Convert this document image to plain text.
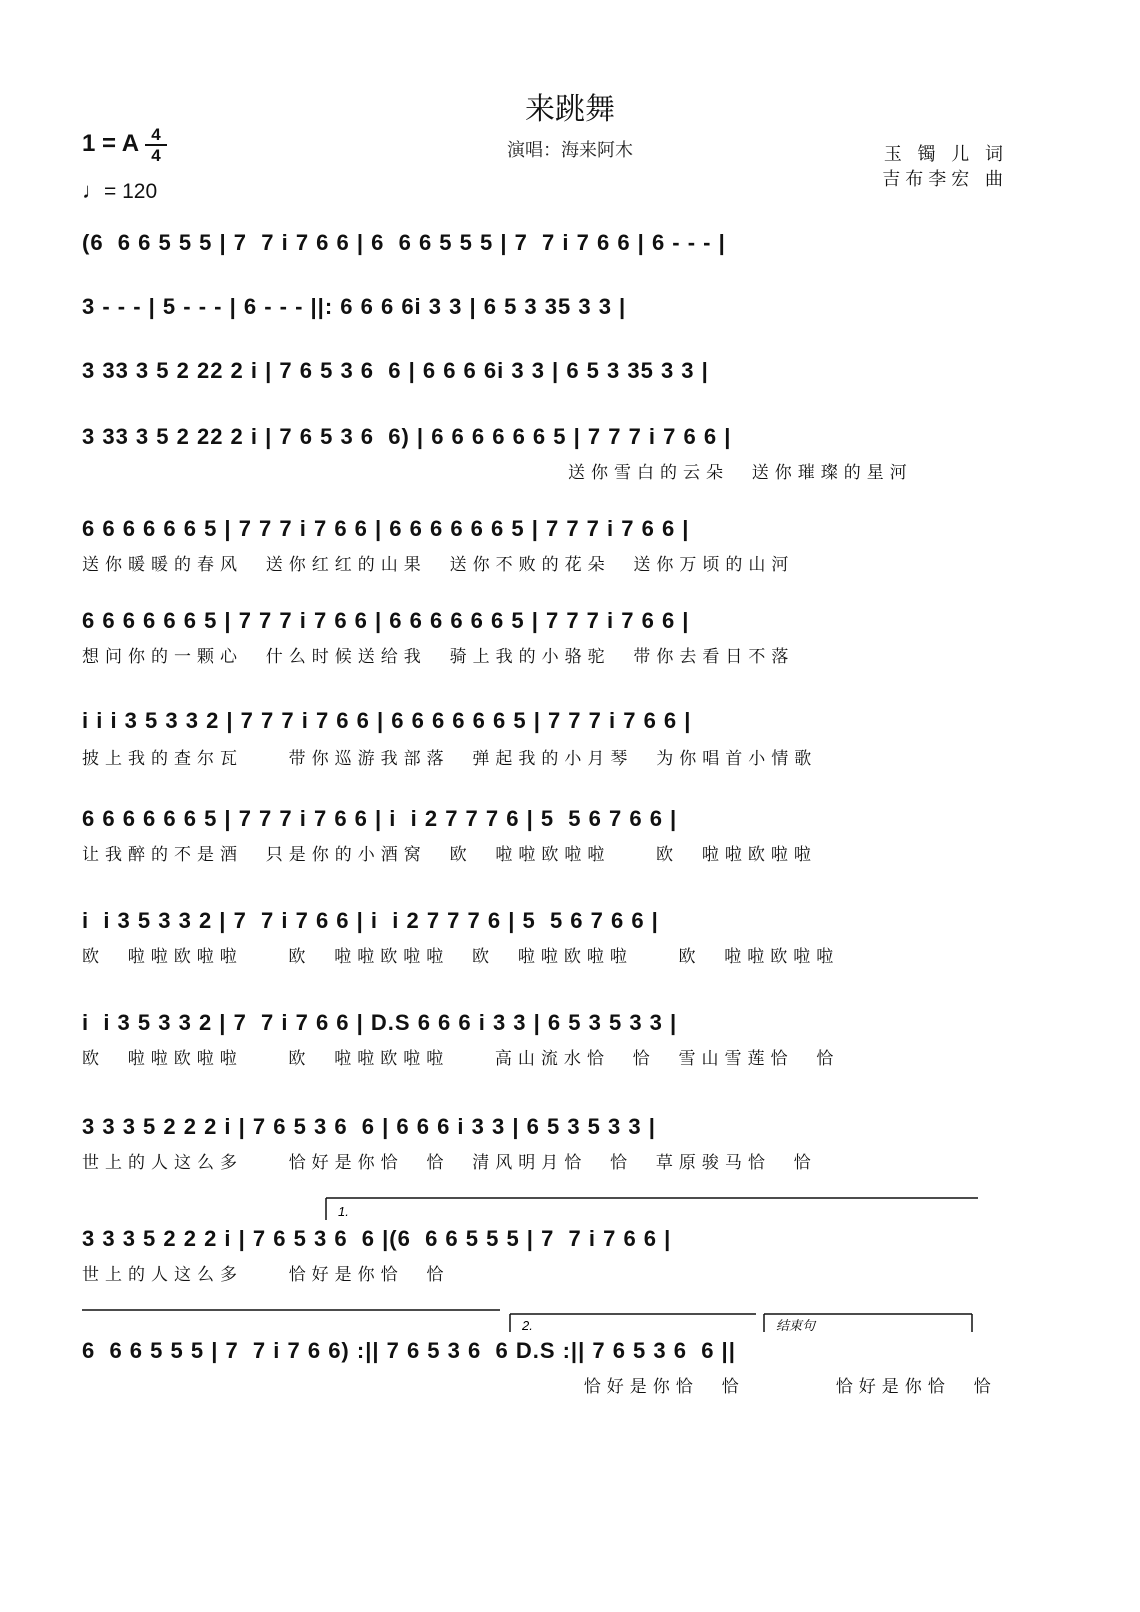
来跳舞
1 = A 4
4	演唱：海来阿木	玉 镯 儿 词
吉布李宏 曲
♩= 120
(6  6 6 5 5 5 | 7  7 i 7 6 6 | 6  6 6 5 5 5 | 7  7 i 7 6 6 | 6 - - - |
3 - - - | 5 - - - | 6 - - - ||: 6 6 6 6i 3 3 | 6 5 3 35 3 3 |
3 33 3 5 2 22 2 i | 7 6 5 3 6  6 | 6 6 6 6i 3 3 | 6 5 3 35 3 3 |
3 33 3 5 2 22 2 i | 7 6 5 3 6  6) | 6 6 6 6 6 6 5 | 7 7 7 i 7 6 6 |
送你雪白的云朵  送你璀璨的星河
6 6 6 6 6 6 5 | 7 7 7 i 7 6 6 | 6 6 6 6 6 6 5 | 7 7 7 i 7 6 6 |
送你暖暖的春风  送你红红的山果  送你不败的花朵  送你万顷的山河
6 6 6 6 6 6 5 | 7 7 7 i 7 6 6 | 6 6 6 6 6 6 5 | 7 7 7 i 7 6 6 |
想问你的一颗心  什么时候送给我  骑上我的小骆驼  带你去看日不落
i i i 3 5 3 3 2 | 7 7 7 i 7 6 6 | 6 6 6 6 6 6 5 | 7 7 7 i 7 6 6 |
披上我的查尔瓦    带你巡游我部落  弹起我的小月琴  为你唱首小情歌
6 6 6 6 6 6 5 | 7 7 7 i 7 6 6 | i  i 2 7 7 7 6 | 5  5 6 7 6 6 |
让我醉的不是酒  只是你的小酒窝  欧  啦啦欧啦啦    欧  啦啦欧啦啦
i  i 3 5 3 3 2 | 7  7 i 7 6 6 | i  i 2 7 7 7 6 | 5  5 6 7 6 6 |
欧  啦啦欧啦啦    欧  啦啦欧啦啦  欧  啦啦欧啦啦    欧  啦啦欧啦啦
i  i 3 5 3 3 2 | 7  7 i 7 6 6 | D.S 6 6 6 i 3 3 | 6 5 3 5 3 3 |
欧  啦啦欧啦啦    欧  啦啦欧啦啦    高山流水恰  恰  雪山雪莲恰  恰
3 3 3 5 2 2 2 i | 7 6 5 3 6  6 | 6 6 6 i 3 3 | 6 5 3 5 3 3 |
世上的人这么多    恰好是你恰  恰  清风明月恰  恰  草原骏马恰  恰
3 3 3 5 2 2 2 i | 7 6 5 3 6  6 |(6  6 6 5 5 5 | 7  7 i 7 6 6 |
世上的人这么多    恰好是你恰  恰
6  6 6 5 5 5 | 7  7 i 7 6 6) :|| 7 6 5 3 6  6 D.S :|| 7 6 5 3 6  6 ||
恰好是你恰  恰        恰好是你恰  恰
1.
2.	结束句
